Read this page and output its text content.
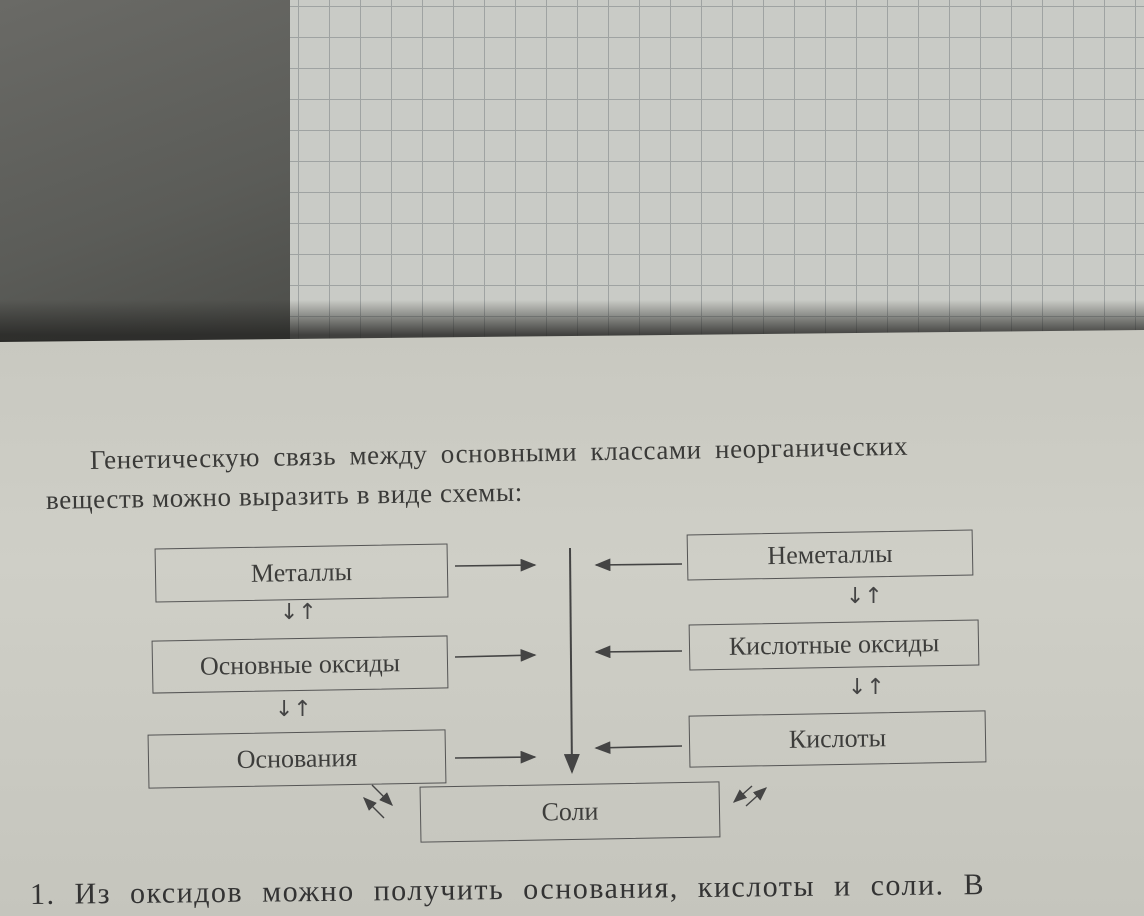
Генетическую связь между основными классами неорганических
веществ можно выразить в виде схемы:
Металлы
Основные оксиды
Основания
Неметаллы
Кислотные оксиды
Кислоты
Соли
↓↑
↓↑
↓↑
↓↑
1. Из оксидов можно получить основания, кислоты и соли. В
